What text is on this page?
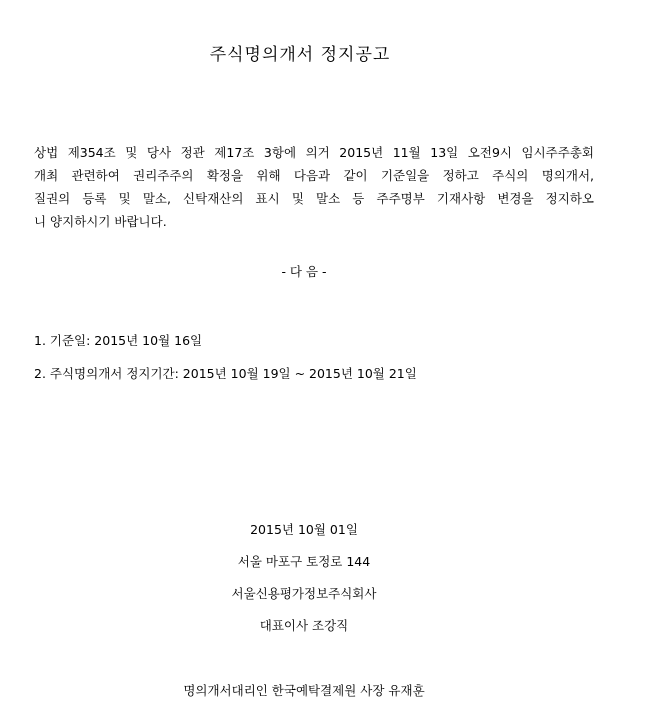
주식명의개서 정지공고
상법 제354조 및 당사 정관 제17조 3항에 의거 2015년 11월 13일 오전9시 임시주주총회
개최 관련하여 권리주주의 확정을 위해 다음과 같이 기준일을 정하고 주식의 명의개서,
질권의 등록 및 말소, 신탁재산의 표시 및 말소 등 주주명부 기재사항 변경을 정지하오
니 양지하시기 바랍니다.
- 다 음 -
1. 기준일: 2015년 10월 16일
2. 주식명의개서 정지기간: 2015년 10월 19일 ~ 2015년 10월 21일
2015년 10월 01일
서울 마포구 토정로 144
서울신용평가정보주식회사
대표이사 조강직
명의개서대리인 한국예탁결제원 사장 유재훈
